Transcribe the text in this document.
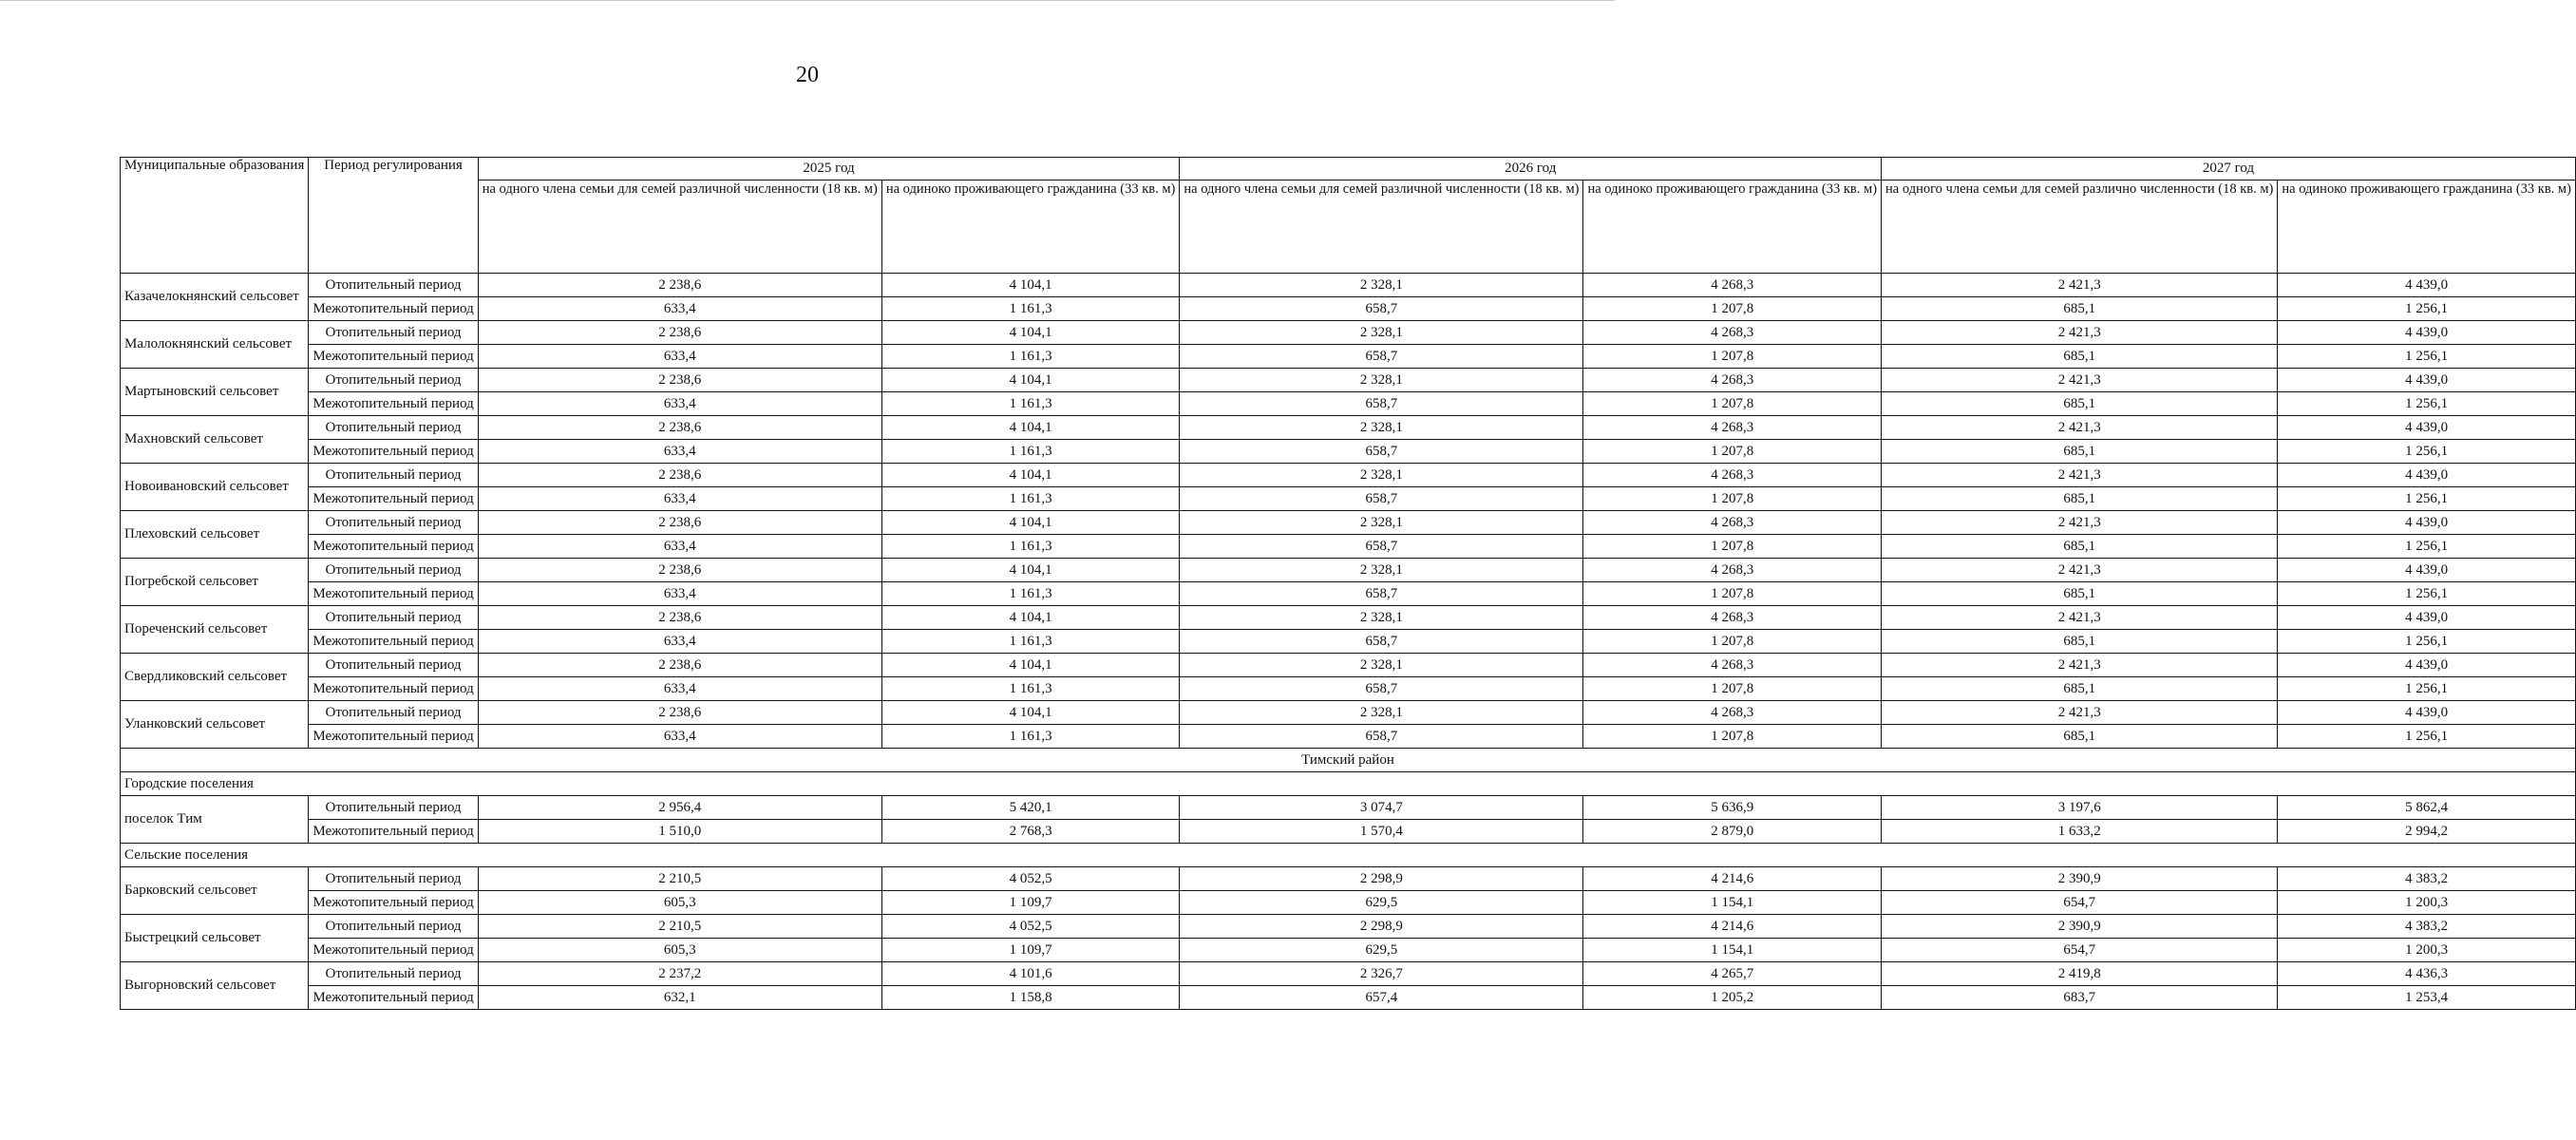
20
Муниципальные образования	Период регулирования	2025 год		2026 год		2027 год	
		на одного члена семьи для семей различной численности (18 кв. м)	на одиноко проживающего гражданина (33 кв. м)	на одного члена семьи для семей различной численности (18 кв. м)	на одиноко проживающего гражданина (33 кв. м)	на одного члена семьи для семей различно численности (18 кв. м)	на одиноко проживающего гражданина (33 кв. м)
Казачелокнянский сельсовет	Отопительный период	2 238,6	4 104,1	2 328,1	4 268,3	2 421,3	4 439,0
	Межотопительный период	633,4	1 161,3	658,7	1 207,8	685,1	1 256,1
Малолокнянский сельсовет	Отопительный период	2 238,6	4 104,1	2 328,1	4 268,3	2 421,3	4 439,0
	Межотопительный период	633,4	1 161,3	658,7	1 207,8	685,1	1 256,1
Мартыновский сельсовет	Отопительный период	2 238,6	4 104,1	2 328,1	4 268,3	2 421,3	4 439,0
	Межотопительный период	633,4	1 161,3	658,7	1 207,8	685,1	1 256,1
Махновский сельсовет	Отопительный период	2 238,6	4 104,1	2 328,1	4 268,3	2 421,3	4 439,0
	Межотопительный период	633,4	1 161,3	658,7	1 207,8	685,1	1 256,1
Новоивановский сельсовет	Отопительный период	2 238,6	4 104,1	2 328,1	4 268,3	2 421,3	4 439,0
	Межотопительный период	633,4	1 161,3	658,7	1 207,8	685,1	1 256,1
Плеховский сельсовет	Отопительный период	2 238,6	4 104,1	2 328,1	4 268,3	2 421,3	4 439,0
	Межотопительный период	633,4	1 161,3	658,7	1 207,8	685,1	1 256,1
Погребской сельсовет	Отопительный период	2 238,6	4 104,1	2 328,1	4 268,3	2 421,3	4 439,0
	Межотопительный период	633,4	1 161,3	658,7	1 207,8	685,1	1 256,1
Пореченский сельсовет	Отопительный период	2 238,6	4 104,1	2 328,1	4 268,3	2 421,3	4 439,0
	Межотопительный период	633,4	1 161,3	658,7	1 207,8	685,1	1 256,1
Свердликовский сельсовет	Отопительный период	2 238,6	4 104,1	2 328,1	4 268,3	2 421,3	4 439,0
	Межотопительный период	633,4	1 161,3	658,7	1 207,8	685,1	1 256,1
Уланковский сельсовет	Отопительный период	2 238,6	4 104,1	2 328,1	4 268,3	2 421,3	4 439,0
	Межотопительный период	633,4	1 161,3	658,7	1 207,8	685,1	1 256,1
Тимский район							
Городские поселения							
поселок Тим	Отопительный период	2 956,4	5 420,1	3 074,7	5 636,9	3 197,6	5 862,4
	Межотопительный период	1 510,0	2 768,3	1 570,4	2 879,0	1 633,2	2 994,2
Сельские поселения							
Барковский сельсовет	Отопительный период	2 210,5	4 052,5	2 298,9	4 214,6	2 390,9	4 383,2
	Межотопительный период	605,3	1 109,7	629,5	1 154,1	654,7	1 200,3
Быстрецкий сельсовет	Отопительный период	2 210,5	4 052,5	2 298,9	4 214,6	2 390,9	4 383,2
	Межотопительный период	605,3	1 109,7	629,5	1 154,1	654,7	1 200,3
Выгорновский сельсовет	Отопительный период	2 237,2	4 101,6	2 326,7	4 265,7	2 419,8	4 436,3
	Межотопительный период	632,1	1 158,8	657,4	1 205,2	683,7	1 253,4
